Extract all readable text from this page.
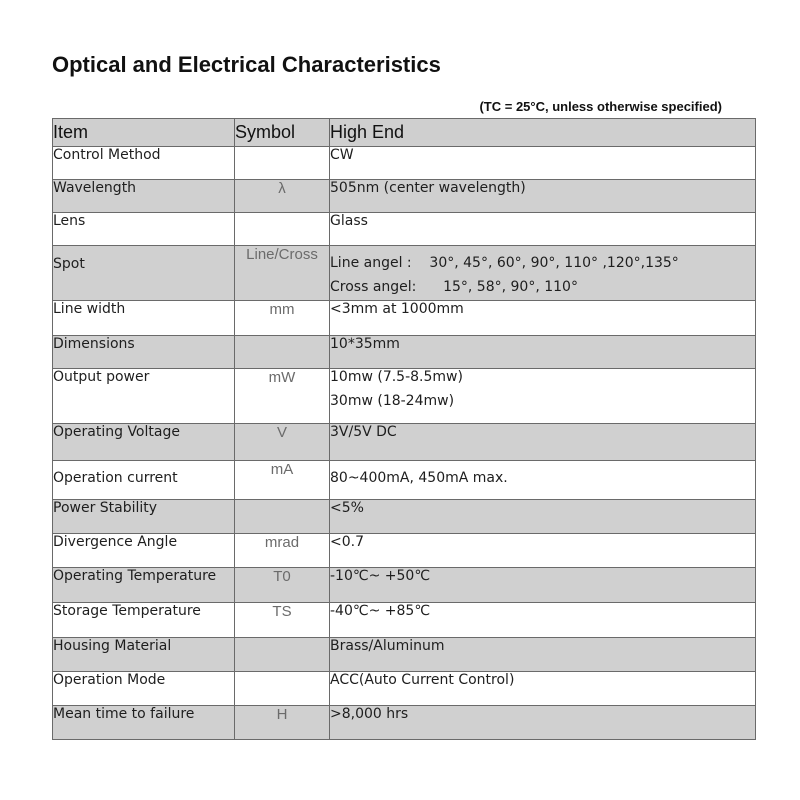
Optical and Electrical Characteristics
(TC = 25°C, unless otherwise specified)
Item	Symbol	High End
Control Method		CW
Wavelength	λ	505nm (center wavelength)
Lens		Glass
Spot	Line/Cross	Line angel :    30°, 45°, 60°, 90°, 110° ,120°,135°
Cross angel:      15°, 58°, 90°, 110°

Line width	mm	<3mm at 1000mm
Dimensions		10*35mm
Output power	mW	10mw (7.5-8.5mw)
30mw (18-24mw)

Operating Voltage	V	3V/5V DC
Operation current	mA	80~400mA, 450mA max.
Power Stability		<5%
Divergence Angle	mrad	<0.7
Operating Temperature	T0	-10℃~ +50℃
Storage Temperature	TS	-40℃~ +85℃
Housing Material		Brass/Aluminum
Operation Mode		ACC(Auto Current Control)
Mean time to failure	H	>8,000 hrs
